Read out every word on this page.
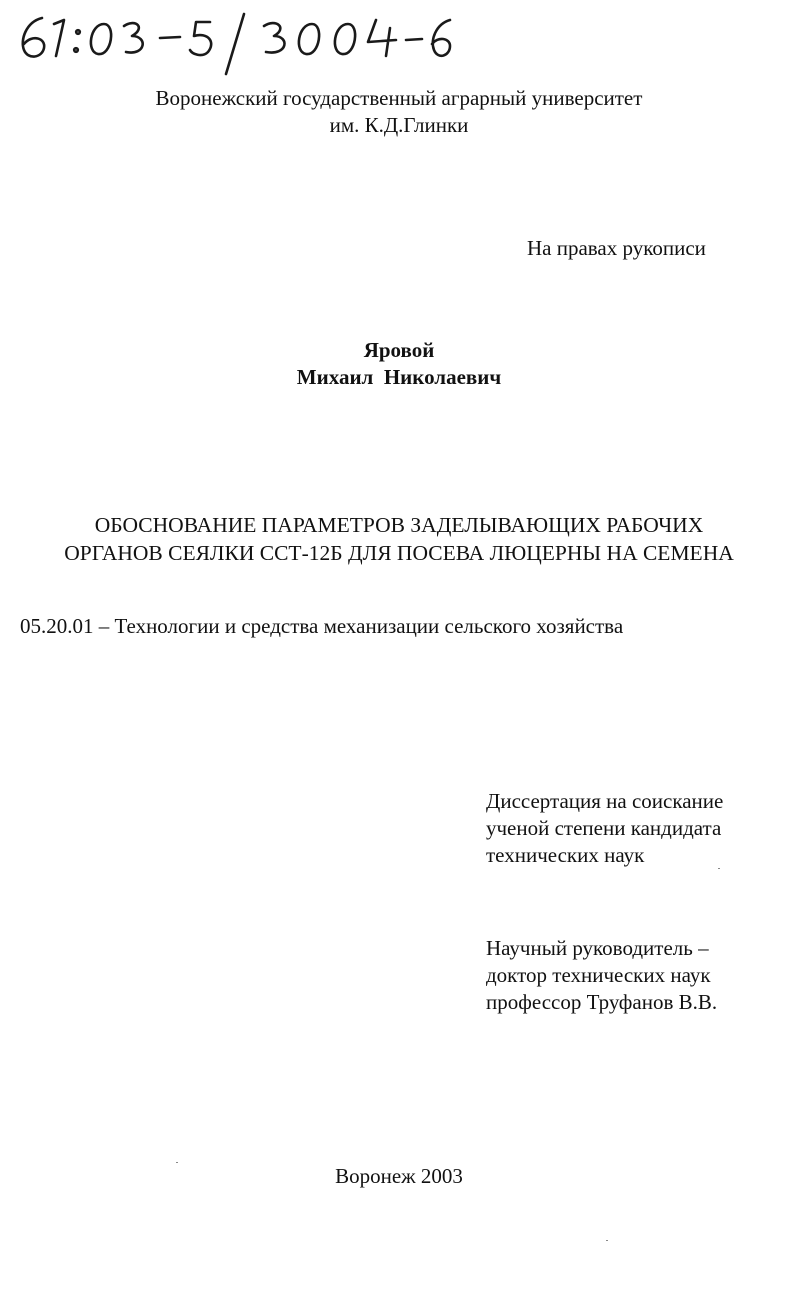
Воронежский государственный аграрный университет
им. К.Д.Глинки
На правах рукописи
Яровой
Михаил  Николаевич
ОБОСНОВАНИЕ ПАРАМЕТРОВ ЗАДЕЛЫВАЮЩИХ РАБОЧИХ
ОРГАНОВ СЕЯЛКИ ССТ-12Б ДЛЯ ПОСЕВА ЛЮЦЕРНЫ НА СЕМЕНА
05.20.01 – Технологии и средства механизации сельского хозяйства
Диссертация на соискание
ученой степени кандидата
технических наук
Научный руководитель –
доктор технических наук
профессор Труфанов В.В.
Воронеж 2003
